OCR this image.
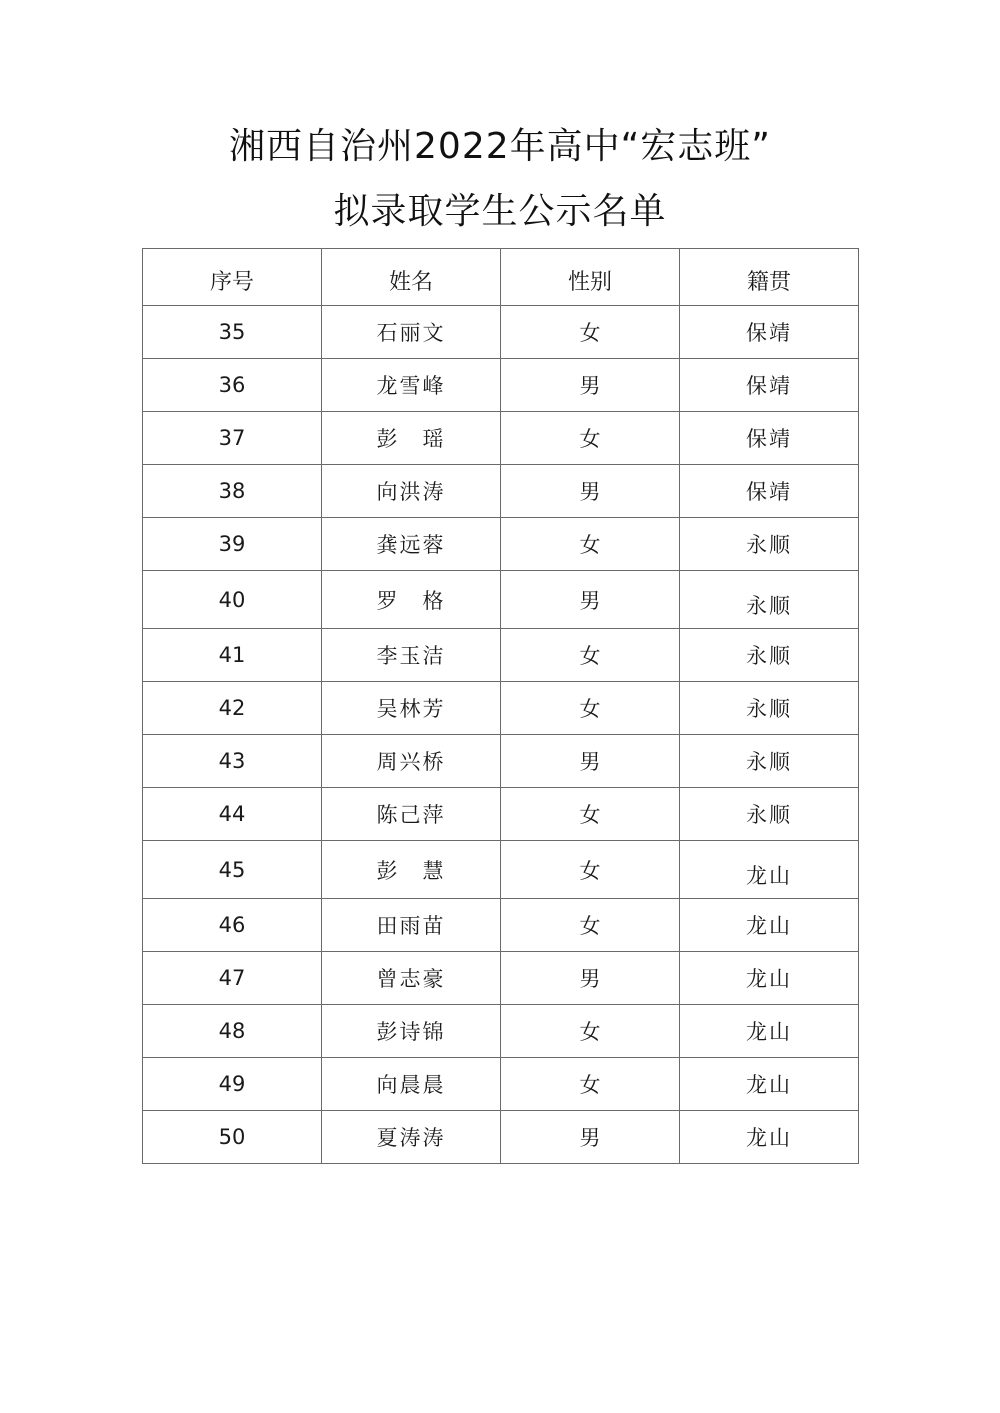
湘西自治州2022年高中“宏志班”
拟录取学生公示名单
序号	姓名	性别	籍贯
35	石丽文	女	保靖
36	龙雪峰	男	保靖
37	彭　瑶	女	保靖
38	向洪涛	男	保靖
39	龚远蓉	女	永顺
40	罗　格	男	永顺
41	李玉洁	女	永顺
42	吴林芳	女	永顺
43	周兴桥	男	永顺
44	陈己萍	女	永顺
45	彭　慧	女	龙山
46	田雨苗	女	龙山
47	曾志豪	男	龙山
48	彭诗锦	女	龙山
49	向晨晨	女	龙山
50	夏涛涛	男	龙山
